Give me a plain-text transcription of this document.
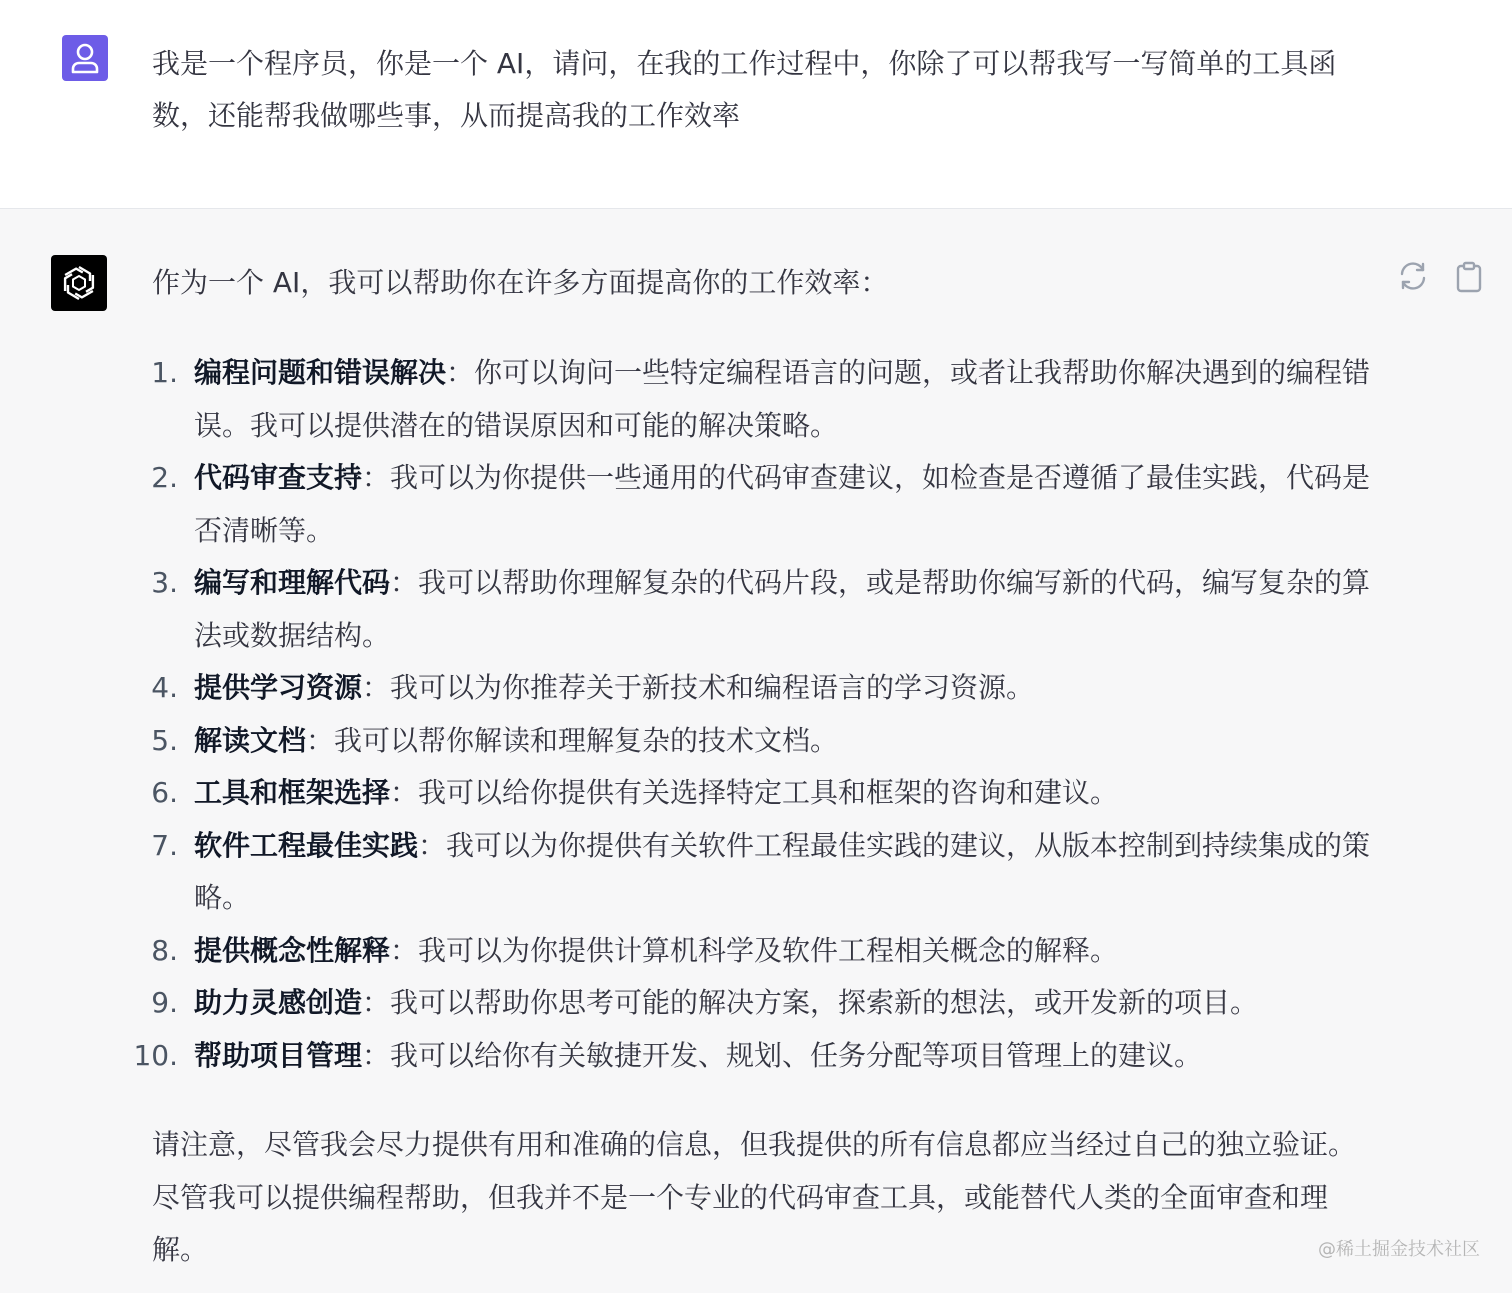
我是一个程序员，你是一个 AI，请问，在我的工作过程中，你除了可以帮我写一写简单的工具函数，还能帮我做哪些事，从而提高我的工作效率

作为一个 AI，我可以帮助你在许多方面提高你的工作效率：

1. 编程问题和错误解决：你可以询问一些特定编程语言的问题，或者让我帮助你解决遇到的编程错误。我可以提供潜在的错误原因和可能的解决策略。
2. 代码审查支持：我可以为你提供一些通用的代码审查建议，如检查是否遵循了最佳实践，代码是否清晰等。
3. 编写和理解代码：我可以帮助你理解复杂的代码片段，或是帮助你编写新的代码，编写复杂的算法或数据结构。
4. 提供学习资源：我可以为你推荐关于新技术和编程语言的学习资源。
5. 解读文档：我可以帮你解读和理解复杂的技术文档。
6. 工具和框架选择：我可以给你提供有关选择特定工具和框架的咨询和建议。
7. 软件工程最佳实践：我可以为你提供有关软件工程最佳实践的建议，从版本控制到持续集成的策略。
8. 提供概念性解释：我可以为你提供计算机科学及软件工程相关概念的解释。
9. 助力灵感创造：我可以帮助你思考可能的解决方案，探索新的想法，或开发新的项目。
10. 帮助项目管理：我可以给你有关敏捷开发、规划、任务分配等项目管理上的建议。

请注意，尽管我会尽力提供有用和准确的信息，但我提供的所有信息都应当经过自己的独立验证。尽管我可以提供编程帮助，但我并不是一个专业的代码审查工具，或能替代人类的全面审查和理解。	@稀土掘金技术社区
